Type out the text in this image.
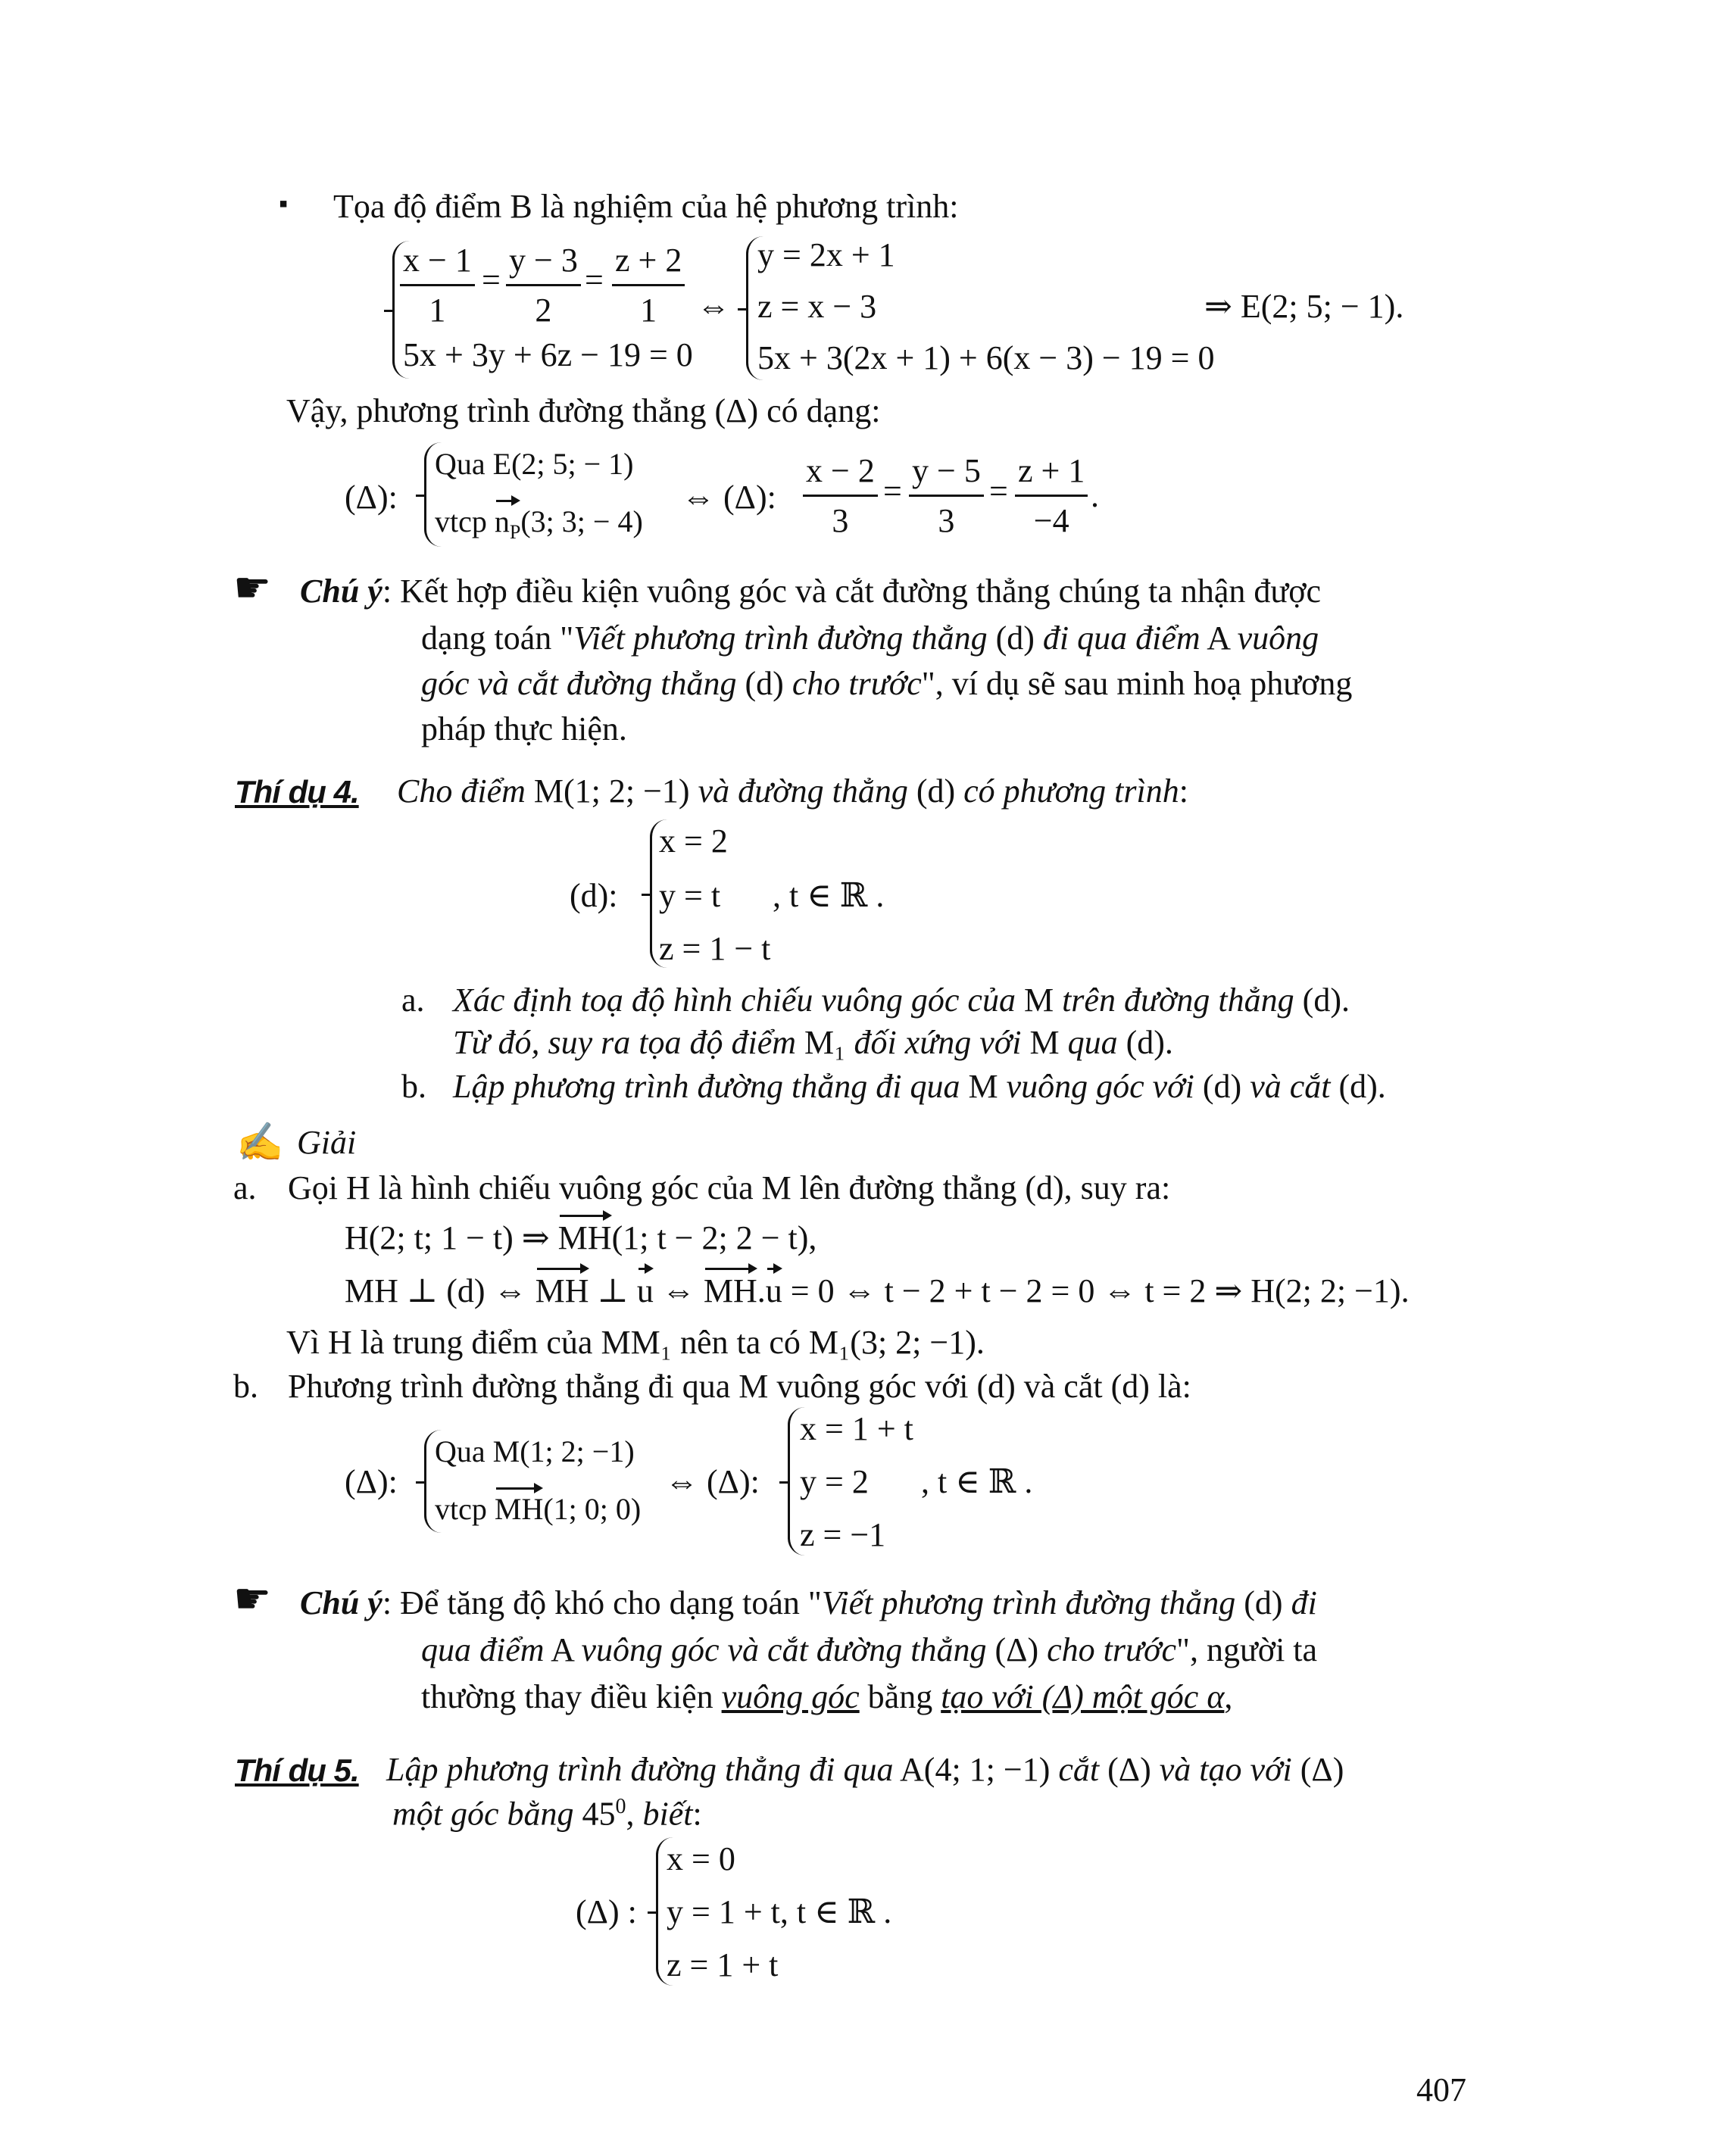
▪ Tọa độ điểm B là nghiệm của hệ phương trình:
x − 1
1
=
y − 3
2
=
z + 2
1
5x + 3y + 6z − 19 = 0
⇔
y = 2x + 1
z = x − 3
5x + 3(2x + 1) + 6(x − 3) − 19 = 0
⇒ E(2; 5; − 1).
Vậy, phương trình đường thẳng (Δ) có dạng:
(Δ):
Qua E(2; 5; − 1)
vtcp $n_P(3$; 3; − 4)
⇔ (Δ):
x − 2
3
=
y − 5
3
=
z + 1
−4
.
☛ Chú ý: Kết hợp điều kiện vuông góc và cắt đường thẳng chúng ta nhận được
dạng toán "Viết phương trình đường thẳng (d) đi qua điểm A vuông
góc và cắt đường thẳng (d) cho trước", ví dụ sẽ sau minh hoạ phương
pháp thực hiện.
Thí dụ 4. Cho điểm M(1; 2; −1) và đường thẳng (d) có phương trình:
(d):
x = 2
y = t , t ∈ ℝ .
z = 1 − t
a. Xác định toạ độ hình chiếu vuông góc của M trên đường thẳng (d).
Từ đó, suy ra tọa độ điểm M₁ đối xứng với M qua (d).
b. Lập phương trình đường thẳng đi qua M vuông góc với (d) và cắt (d).
✍ Giải
a. Gọi H là hình chiếu vuông góc của M lên đường thẳng (d), suy ra:
H(2; t; 1 − t) ⇒ MH(1; t − 2; 2 − t),
MH ⊥ (d) ⇔ MH ⊥ u ⇔ MH.u = 0 ⇔ t − 2 + t − 2 = 0 ⇔ t = 2 ⇒ H(2; 2; −1).
Vì H là trung điểm của MM₁ nên ta có M₁(3; 2; −1).
b. Phương trình đường thẳng đi qua M vuông góc với (d) và cắt (d) là:
(Δ):
Qua M(1; 2; −1)
vtcp MH(1; 0; 0)
⇔ (Δ):
x = 1 + t
y = 2 , t ∈ ℝ .
z = −1
☛ Chú ý: Để tăng độ khó cho dạng toán "Viết phương trình đường thẳng (d) đi
qua điểm A vuông góc và cắt đường thẳng (Δ) cho trước", người ta
thường thay điều kiện vuông góc bằng tạo với (Δ) một góc α,
Thí dụ 5. Lập phương trình đường thẳng đi qua A(4; 1; −1) cắt (Δ) và tạo với (Δ)
một góc bằng $45^0$, biết:
(Δ) :
x = 0
y = 1 + t, t ∈ ℝ .
z = 1 + t
407
